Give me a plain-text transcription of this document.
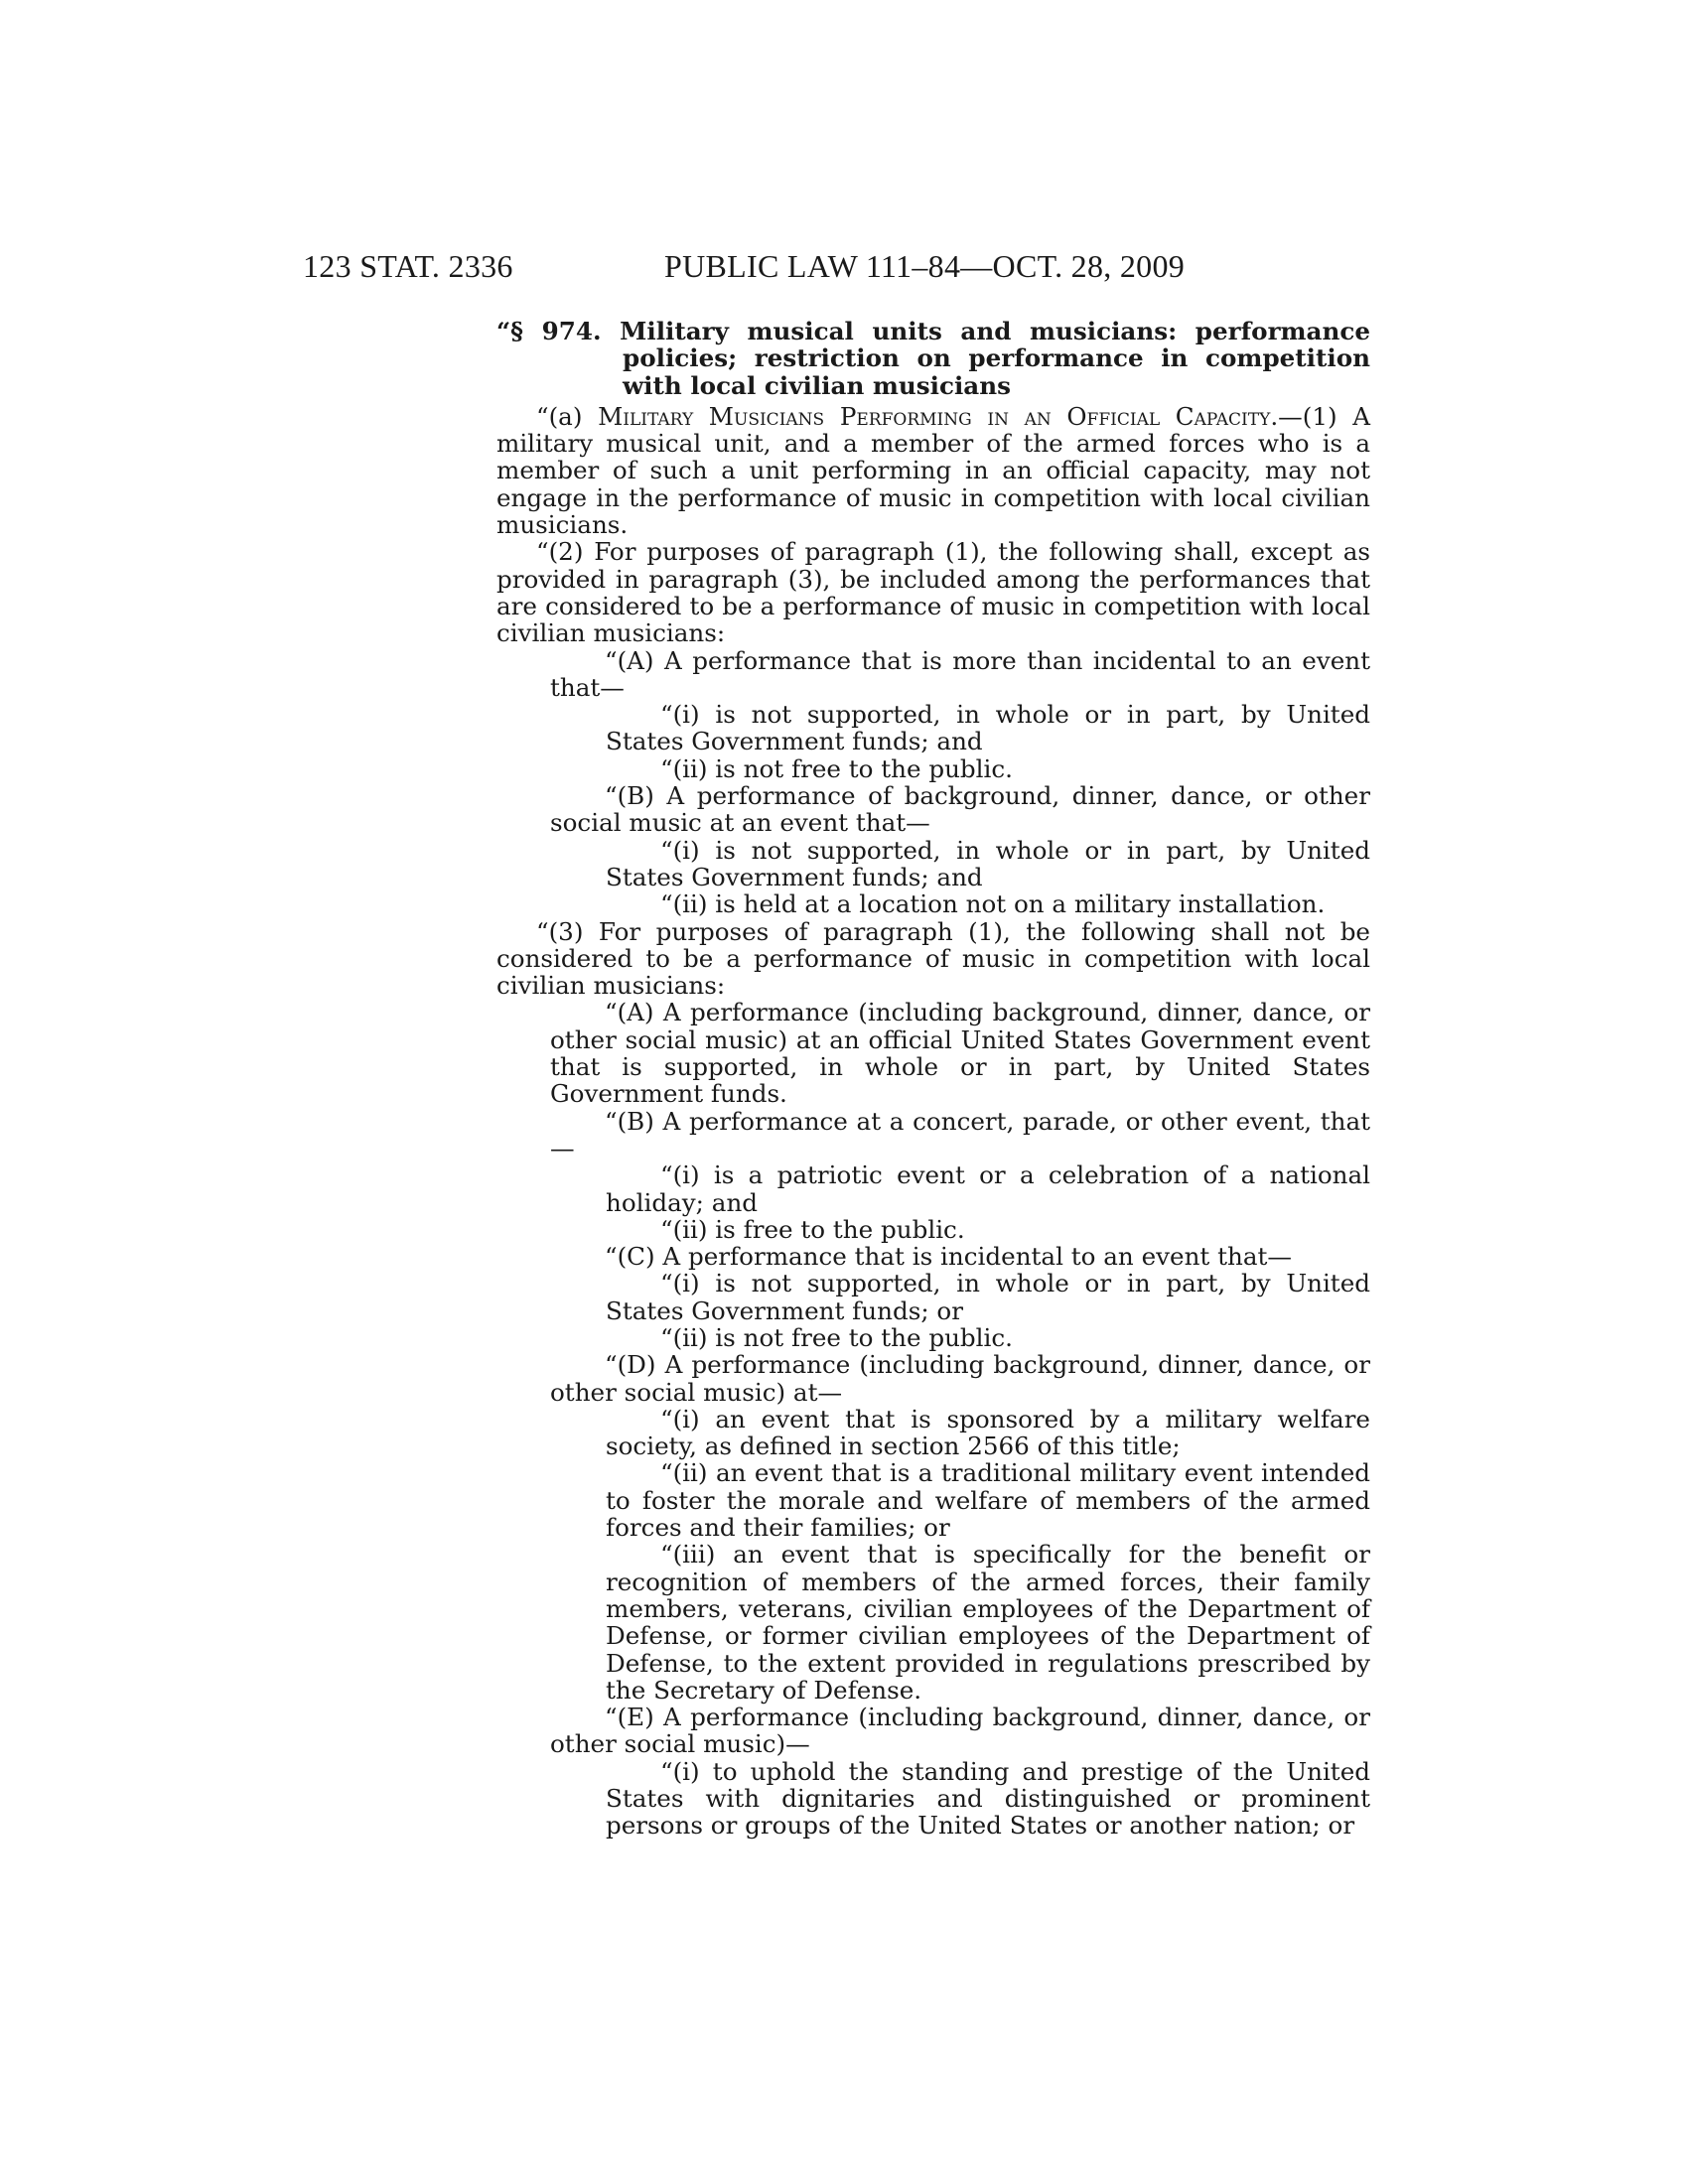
123 STAT. 2336	PUBLIC LAW 111–84—OCT. 28, 2009
“§ 974. Military musical units and musicians: performance policies; restriction on performance in competition with local civilian musicians

“(a) Military Musicians Performing in an Official Capacity.—(1) A military musical unit, and a member of the armed forces who is a member of such a unit performing in an official capacity, may not engage in the performance of music in competition with local civilian musicians.

“(2) For purposes of paragraph (1), the following shall, except as provided in paragraph (3), be included among the performances that are considered to be a performance of music in competition with local civilian musicians:

“(A) A performance that is more than incidental to an event that—

“(i) is not supported, in whole or in part, by United States Government funds; and

“(ii) is not free to the public.

“(B) A performance of background, dinner, dance, or other social music at an event that—

“(i) is not supported, in whole or in part, by United States Government funds; and

“(ii) is held at a location not on a military installation.

“(3) For purposes of paragraph (1), the following shall not be considered to be a performance of music in competition with local civilian musicians:

“(A) A performance (including background, dinner, dance, or other social music) at an official United States Government event that is supported, in whole or in part, by United States Government funds.

“(B) A performance at a concert, parade, or other event, that—

“(i) is a patriotic event or a celebration of a national holiday; and

“(ii) is free to the public.

“(C) A performance that is incidental to an event that—

“(i) is not supported, in whole or in part, by United States Government funds; or

“(ii) is not free to the public.

“(D) A performance (including background, dinner, dance, or other social music) at—

“(i) an event that is sponsored by a military welfare society, as defined in section 2566 of this title;

“(ii) an event that is a traditional military event intended to foster the morale and welfare of members of the armed forces and their families; or

“(iii) an event that is specifically for the benefit or recognition of members of the armed forces, their family members, veterans, civilian employees of the Department of Defense, or former civilian employees of the Department of Defense, to the extent provided in regulations prescribed by the Secretary of Defense.

“(E) A performance (including background, dinner, dance, or other social music)—

“(i) to uphold the standing and prestige of the United States with dignitaries and distinguished or prominent persons or groups of the United States or another nation; or
